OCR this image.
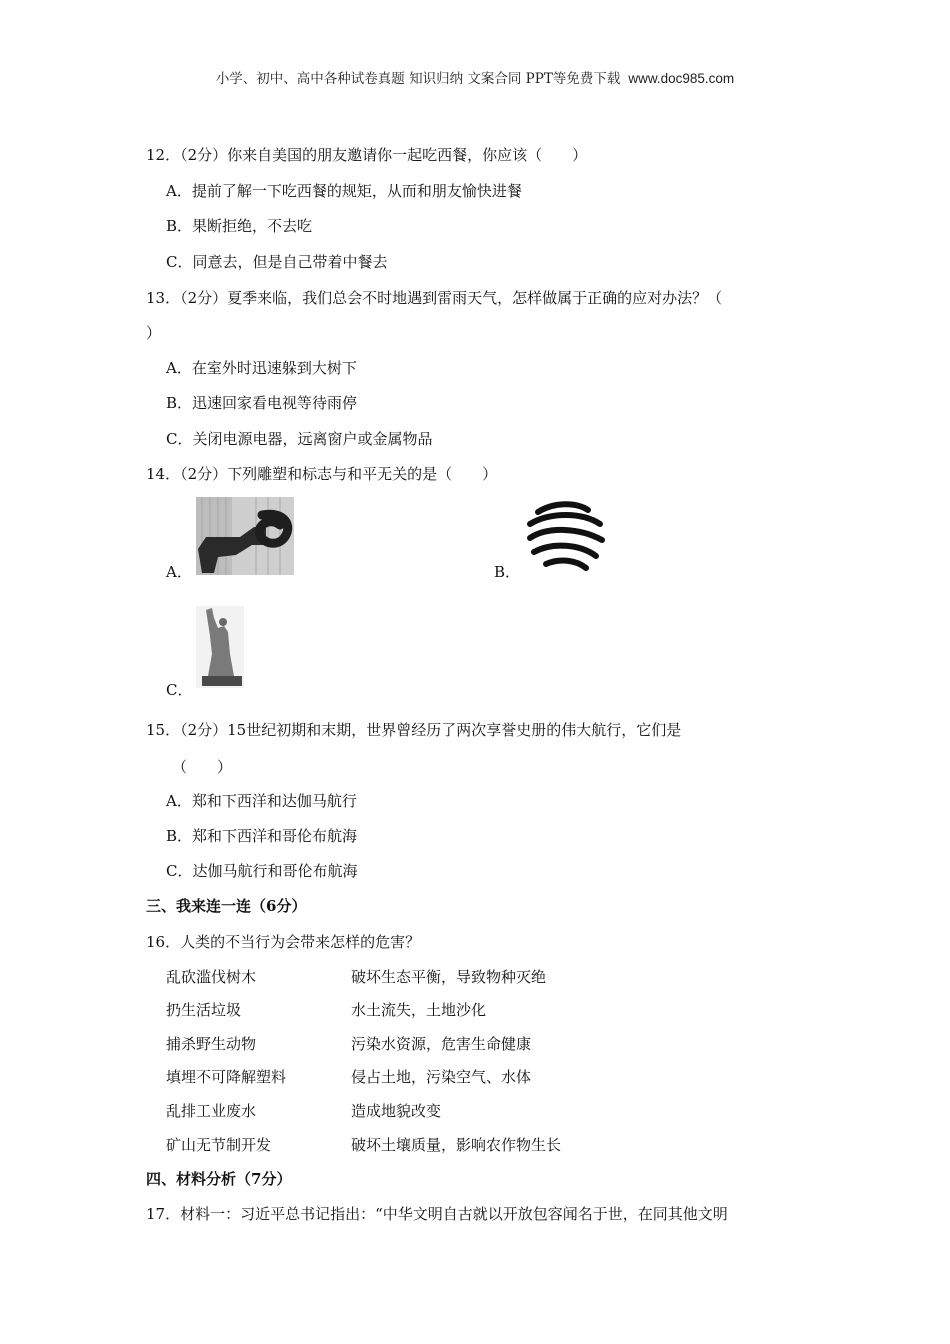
小学、初中、高中各种试卷真题 知识归纳 文案合同 PPT等免费下载 www.doc985.com
12．（2分）你来自美国的朋友邀请你一起吃西餐，你应该（　　）
A．提前了解一下吃西餐的规矩，从而和朋友愉快进餐
B．果断拒绝，不去吃
C．同意去，但是自己带着中餐去
13．（2分）夏季来临，我们总会不时地遇到雷雨天气，怎样做属于正确的应对办法？（
）
A．在室外时迅速躲到大树下
B．迅速回家看电视等待雨停
C．关闭电源电器，远离窗户或金属物品
14．（2分）下列雕塑和标志与和平无关的是（　　）
A．	B．
C．
15．（2分）15世纪初期和末期，世界曾经历了两次享誉史册的伟大航行，它们是
（　　）
A．郑和下西洋和达伽马航行
B．郑和下西洋和哥伦布航海
C．达伽马航行和哥伦布航海
三、我来连一连（6分）
16．人类的不当行为会带来怎样的危害？
乱砍滥伐树木	破坏生态平衡，导致物种灭绝
扔生活垃圾	水土流失，土地沙化
捕杀野生动物	污染水资源，危害生命健康
填埋不可降解塑料	侵占土地，污染空气、水体
乱排工业废水	造成地貌改变
矿山无节制开发	破坏土壤质量，影响农作物生长
四、材料分析（7分）
17．材料一：习近平总书记指出：“中华文明自古就以开放包容闻名于世，在同其他文明
